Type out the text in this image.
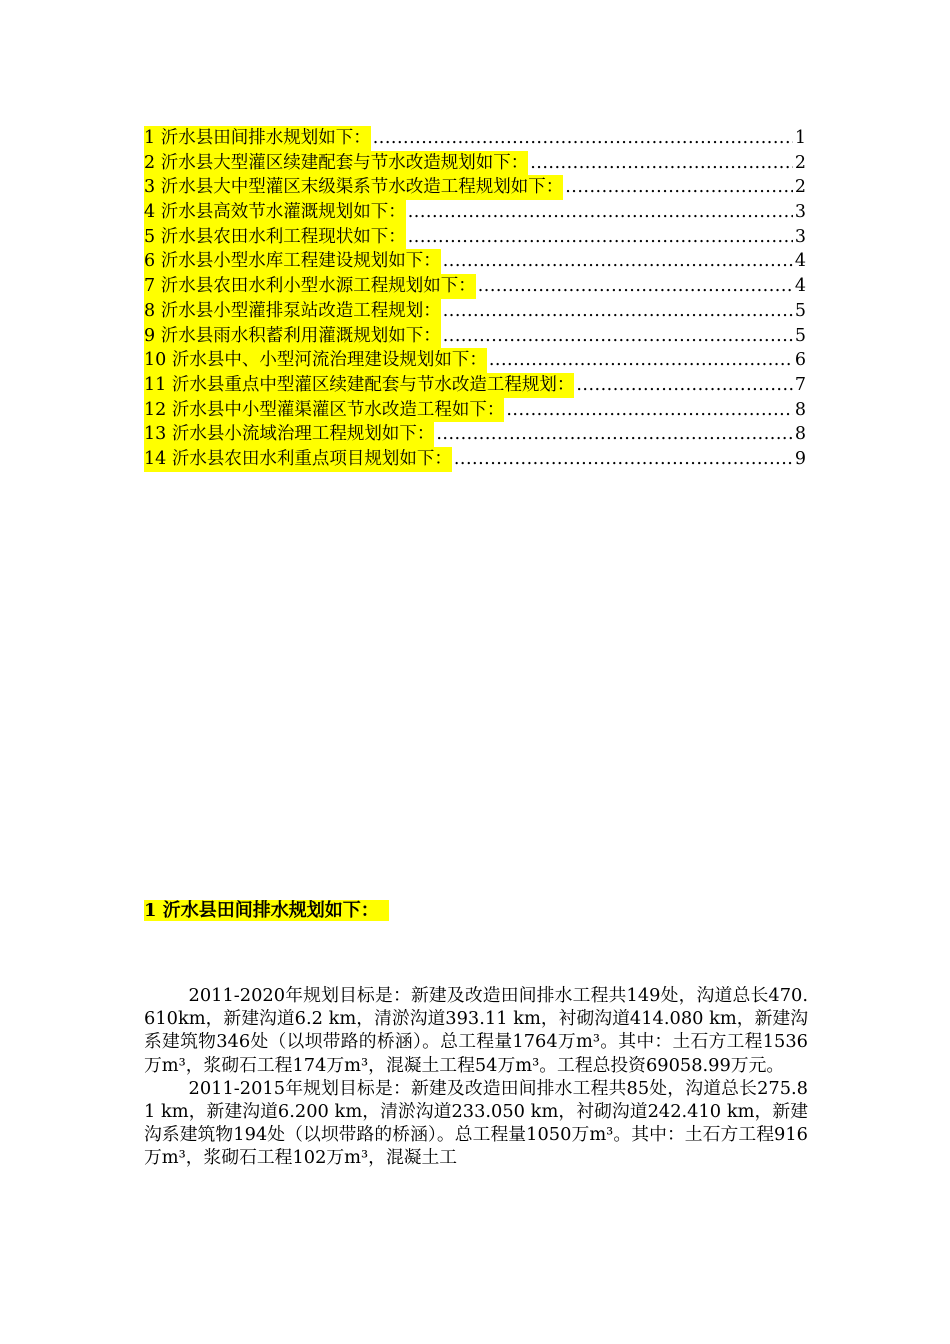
1 沂水县田间排水规划如下： .....	1
2 沂水县大型灌区续建配套与节水改造规划如下： .....	2
3 沂水县大中型灌区末级渠系节水改造工程规划如下： .....	2
4 沂水县高效节水灌溉规划如下： .....	3
5 沂水县农田水利工程现状如下： .....	3
6 沂水县小型水库工程建设规划如下： .....	4
7 沂水县农田水利小型水源工程规划如下： .....	4
8 沂水县小型灌排泵站改造工程规划： .....	5
9 沂水县雨水积蓄利用灌溉规划如下： .....	5
10 沂水县中、小型河流治理建设规划如下： .....	6
11 沂水县重点中型灌区续建配套与节水改造工程规划： .....	7
12 沂水县中小型灌渠灌区节水改造工程如下： .....	8
13 沂水县小流域治理工程规划如下： .....	8
14 沂水县农田水利重点项目规划如下： .....	9
1 沂水县田间排水规划如下：

2011-2020年规划目标是：新建及改造田间排水工程共149处，沟道总长470.610km，新建沟道6.2 km，清淤沟道393.11 km，衬砌沟道414.080 km，新建沟系建筑物346处（以坝带路的桥涵）。总工程量1764万m³。其中：土石方工程1536万m³，浆砌石工程174万m³，混凝土工程54万m³。工程总投资69058.99万元。

2011-2015年规划目标是：新建及改造田间排水工程共85处，沟道总长275.81 km，新建沟道6.200 km，清淤沟道233.050 km，衬砌沟道242.410 km，新建沟系建筑物194处（以坝带路的桥涵）。总工程量1050万m³。其中：土石方工程916万m³，浆砌石工程102万m³，混凝土工
